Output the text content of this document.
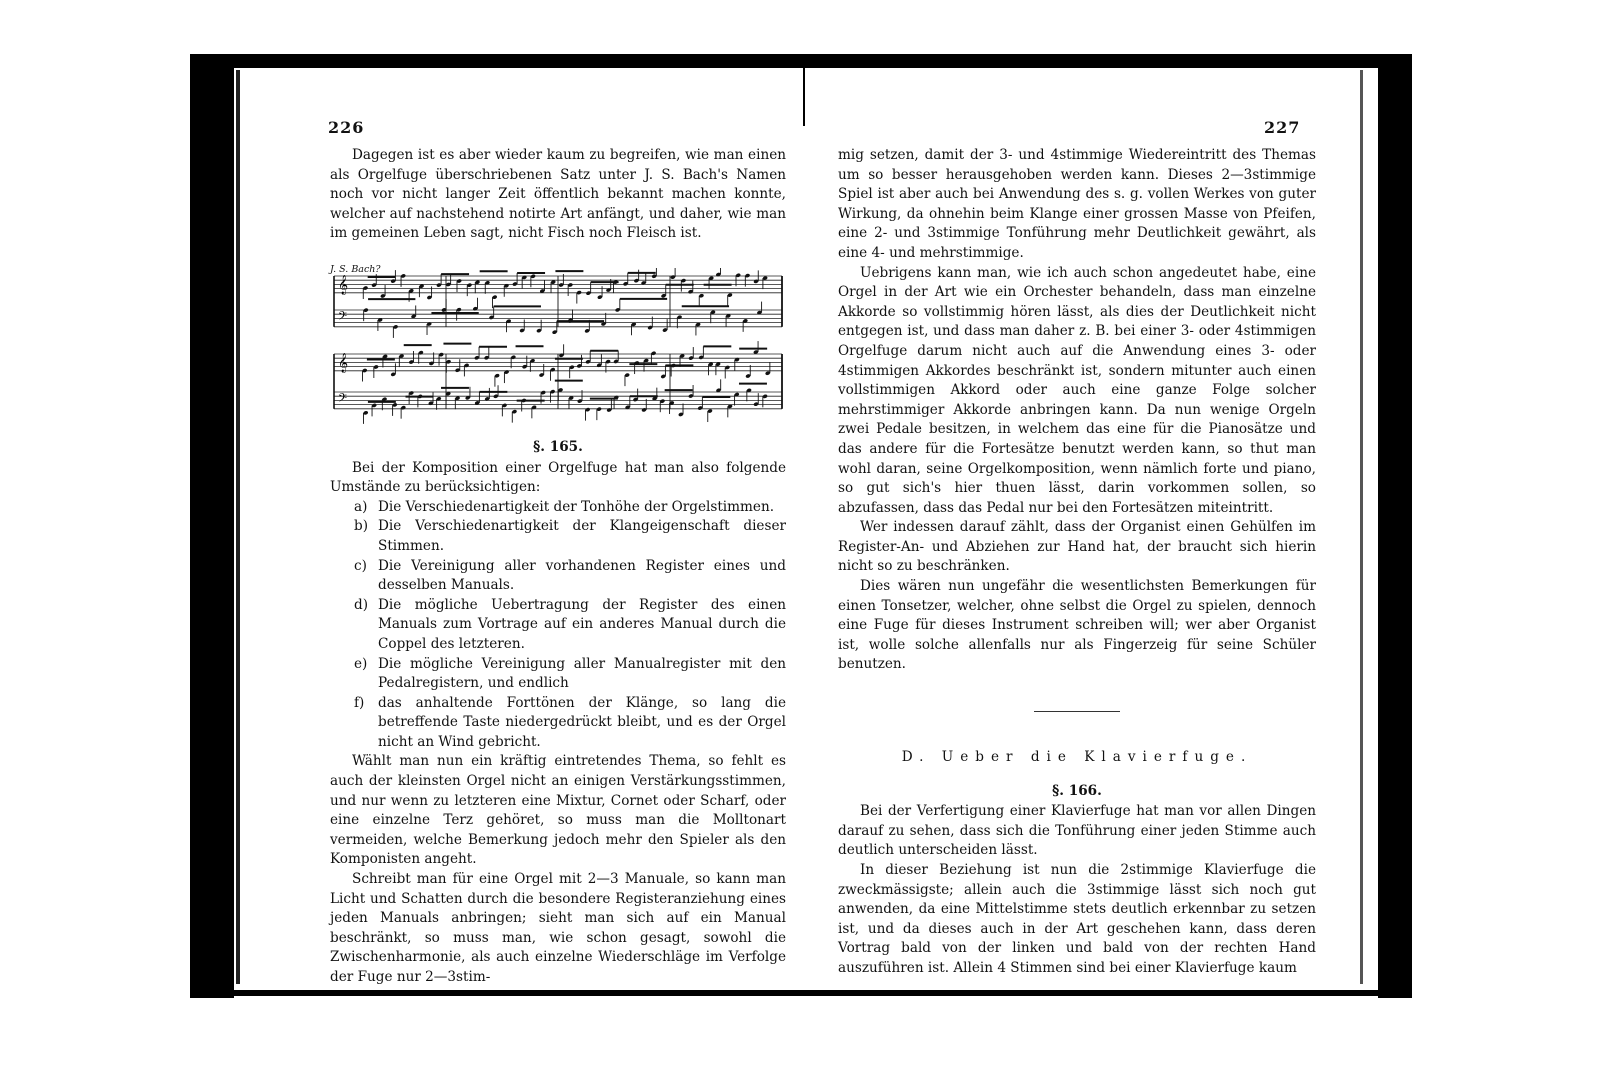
226

Dagegen ist es aber wieder kaum zu begreifen, wie man einen als Orgelfuge überschriebenen Satz unter J. S. Bach's Namen noch vor nicht langer Zeit öffentlich bekannt machen konnte, welcher auf nachstehend notirte Art anfängt, und daher, wie man im gemeinen Leben sagt, nicht Fisch noch Fleisch ist.

J. S. Bach?
𝄞
𝄢
𝄞
𝄢

§. 165.

Bei der Komposition einer Orgelfuge hat man also folgende Umstände zu berücksichtigen:

a) Die Verschiedenartigkeit der Tonhöhe der Orgelstimmen.
b) Die Verschiedenartigkeit der Klangeigenschaft dieser Stimmen.
c) Die Vereinigung aller vorhandenen Register eines und desselben Manuals.
d) Die mögliche Uebertragung der Register des einen Manuals zum Vortrage auf ein anderes Manual durch die Coppel des letzteren.
e) Die mögliche Vereinigung aller Manualregister mit den Pedalregistern, und endlich
f) das anhaltende Forttönen der Klänge, so lang die betreffende Taste niedergedrückt bleibt, und es der Orgel nicht an Wind gebricht.

Wählt man nun ein kräftig eintretendes Thema, so fehlt es auch der kleinsten Orgel nicht an einigen Verstärkungsstimmen, und nur wenn zu letzteren eine Mixtur, Cornet oder Scharf, oder eine einzelne Terz gehöret, so muss man die Molltonart vermeiden, welche Bemerkung jedoch mehr den Spieler als den Komponisten angeht.

Schreibt man für eine Orgel mit 2—3 Manuale, so kann man Licht und Schatten durch die besondere Registeranziehung eines jeden Manuals anbringen; sieht man sich auf ein Manual beschränkt, so muss man, wie schon gesagt, sowohl die Zwischenharmonie, als auch einzelne Wiederschläge im Verfolge der Fuge nur 2—3stim-

227

mig setzen, damit der 3- und 4stimmige Wiedereintritt des Themas um so besser herausgehoben werden kann. Dieses 2—3stimmige Spiel ist aber auch bei Anwendung des s. g. vollen Werkes von guter Wirkung, da ohnehin beim Klange einer grossen Masse von Pfeifen, eine 2- und 3stimmige Tonführung mehr Deutlichkeit gewährt, als eine 4- und mehrstimmige.

Uebrigens kann man, wie ich auch schon angedeutet habe, eine Orgel in der Art wie ein Orchester behandeln, dass man einzelne Akkorde so vollstimmig hören lässt, als dies der Deutlichkeit nicht entgegen ist, und dass man daher z. B. bei einer 3- oder 4stimmigen Orgelfuge darum nicht auch auf die Anwendung eines 3- oder 4stimmigen Akkordes beschränkt ist, sondern mitunter auch einen vollstimmigen Akkord oder auch eine ganze Folge solcher mehrstimmiger Akkorde anbringen kann. Da nun wenige Orgeln zwei Pedale besitzen, in welchem das eine für die Pianosätze und das andere für die Fortesätze benutzt werden kann, so thut man wohl daran, seine Orgelkomposition, wenn nämlich forte und piano, so gut sich's hier thuen lässt, darin vorkommen sollen, so abzufassen, dass das Pedal nur bei den Fortesätzen miteintritt.

Wer indessen darauf zählt, dass der Organist einen Gehülfen im Register-An- und Abziehen zur Hand hat, der braucht sich hierin nicht so zu beschränken.

Dies wären nun ungefähr die wesentlichsten Bemerkungen für einen Tonsetzer, welcher, ohne selbst die Orgel zu spielen, dennoch eine Fuge für dieses Instrument schreiben will; wer aber Organist ist, wolle solche allenfalls nur als Fingerzeig für seine Schüler benutzen.

D. Ueber die Klavierfuge.

§. 166.

Bei der Verfertigung einer Klavierfuge hat man vor allen Dingen darauf zu sehen, dass sich die Tonführung einer jeden Stimme auch deutlich unterscheiden lässt.

In dieser Beziehung ist nun die 2stimmige Klavierfuge die zweckmässigste; allein auch die 3stimmige lässt sich noch gut anwenden, da eine Mittelstimme stets deutlich erkennbar zu setzen ist, und da dieses auch in der Art geschehen kann, dass deren Vortrag bald von der linken und bald von der rechten Hand auszuführen ist. Allein 4 Stimmen sind bei einer Klavierfuge kaum
